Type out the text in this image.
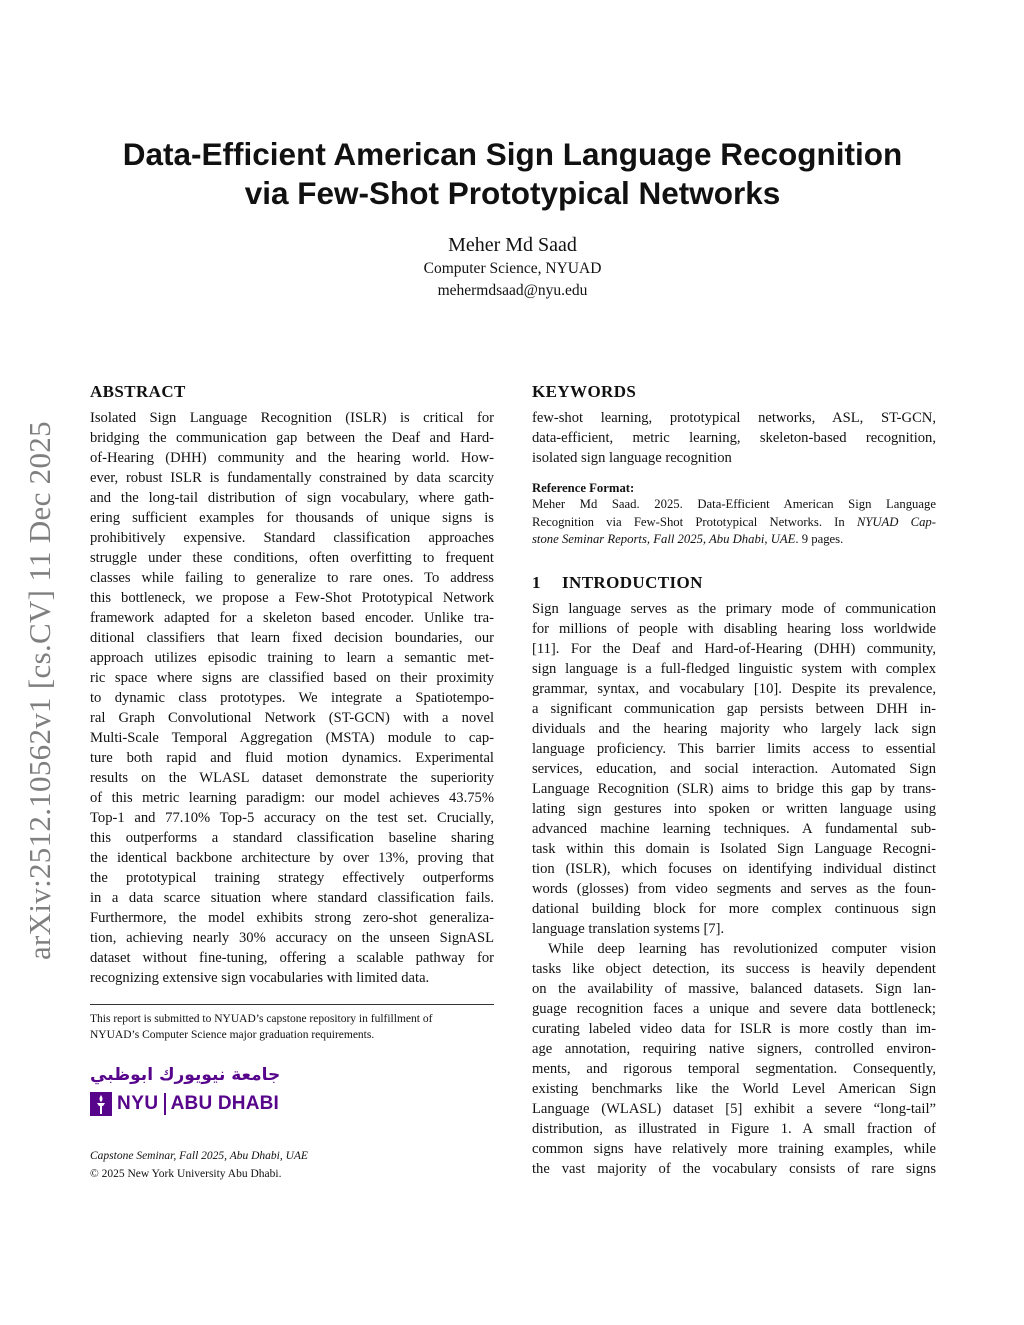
arXiv:2512.10562v1 [cs.CV] 11 Dec 2025
Data-Efficient American Sign Language Recognition
via Few-Shot Prototypical Networks
Meher Md Saad
Computer Science, NYUAD
mehermdsaad@nyu.edu
ABSTRACT
Isolated Sign Language Recognition (ISLR) is critical for
bridging the communication gap between the Deaf and Hard-
of-Hearing (DHH) community and the hearing world. How-
ever, robust ISLR is fundamentally constrained by data scarcity
and the long-tail distribution of sign vocabulary, where gath-
ering sufficient examples for thousands of unique signs is
prohibitively expensive. Standard classification approaches
struggle under these conditions, often overfitting to frequent
classes while failing to generalize to rare ones. To address
this bottleneck, we propose a Few-Shot Prototypical Network
framework adapted for a skeleton based encoder. Unlike tra-
ditional classifiers that learn fixed decision boundaries, our
approach utilizes episodic training to learn a semantic met-
ric space where signs are classified based on their proximity
to dynamic class prototypes. We integrate a Spatiotempo-
ral Graph Convolutional Network (ST-GCN) with a novel
Multi-Scale Temporal Aggregation (MSTA) module to cap-
ture both rapid and fluid motion dynamics. Experimental
results on the WLASL dataset demonstrate the superiority
of this metric learning paradigm: our model achieves 43.75%
Top-1 and 77.10% Top-5 accuracy on the test set. Crucially,
this outperforms a standard classification baseline sharing
the identical backbone architecture by over 13%, proving that
the prototypical training strategy effectively outperforms
in a data scarce situation where standard classification fails.
Furthermore, the model exhibits strong zero-shot generaliza-
tion, achieving nearly 30% accuracy on the unseen SignASL
dataset without fine-tuning, offering a scalable pathway for
recognizing extensive sign vocabularies with limited data.
This report is submitted to NYUAD’s capstone repository in fulfillment of
NYUAD’s Computer Science major graduation requirements.
جامعة نيويورك ابوظبي
NYU ABU DHABI
Capstone Seminar, Fall 2025, Abu Dhabi, UAE
© 2025 New York University Abu Dhabi.
KEYWORDS
few-shot learning, prototypical networks, ASL, ST-GCN,
data-efficient, metric learning, skeleton-based recognition,
isolated sign language recognition
Reference Format:
Meher Md Saad. 2025. Data-Efficient American Sign Language
Recognition via Few-Shot Prototypical Networks. In NYUAD Cap-
stone Seminar Reports, Fall 2025, Abu Dhabi, UAE. 9 pages.
1 INTRODUCTION
Sign language serves as the primary mode of communication
for millions of people with disabling hearing loss worldwide
[11]. For the Deaf and Hard-of-Hearing (DHH) community,
sign language is a full-fledged linguistic system with complex
grammar, syntax, and vocabulary [10]. Despite its prevalence,
a significant communication gap persists between DHH in-
dividuals and the hearing majority who largely lack sign
language proficiency. This barrier limits access to essential
services, education, and social interaction. Automated Sign
Language Recognition (SLR) aims to bridge this gap by trans-
lating sign gestures into spoken or written language using
advanced machine learning techniques. A fundamental sub-
task within this domain is Isolated Sign Language Recogni-
tion (ISLR), which focuses on identifying individual distinct
words (glosses) from video segments and serves as the foun-
dational building block for more complex continuous sign
language translation systems [7].
While deep learning has revolutionized computer vision
tasks like object detection, its success is heavily dependent
on the availability of massive, balanced datasets. Sign lan-
guage recognition faces a unique and severe data bottleneck;
curating labeled video data for ISLR is more costly than im-
age annotation, requiring native signers, controlled environ-
ments, and rigorous temporal segmentation. Consequently,
existing benchmarks like the World Level American Sign
Language (WLASL) dataset [5] exhibit a severe “long-tail”
distribution, as illustrated in Figure 1. A small fraction of
common signs have relatively more training examples, while
the vast majority of the vocabulary consists of rare signs
